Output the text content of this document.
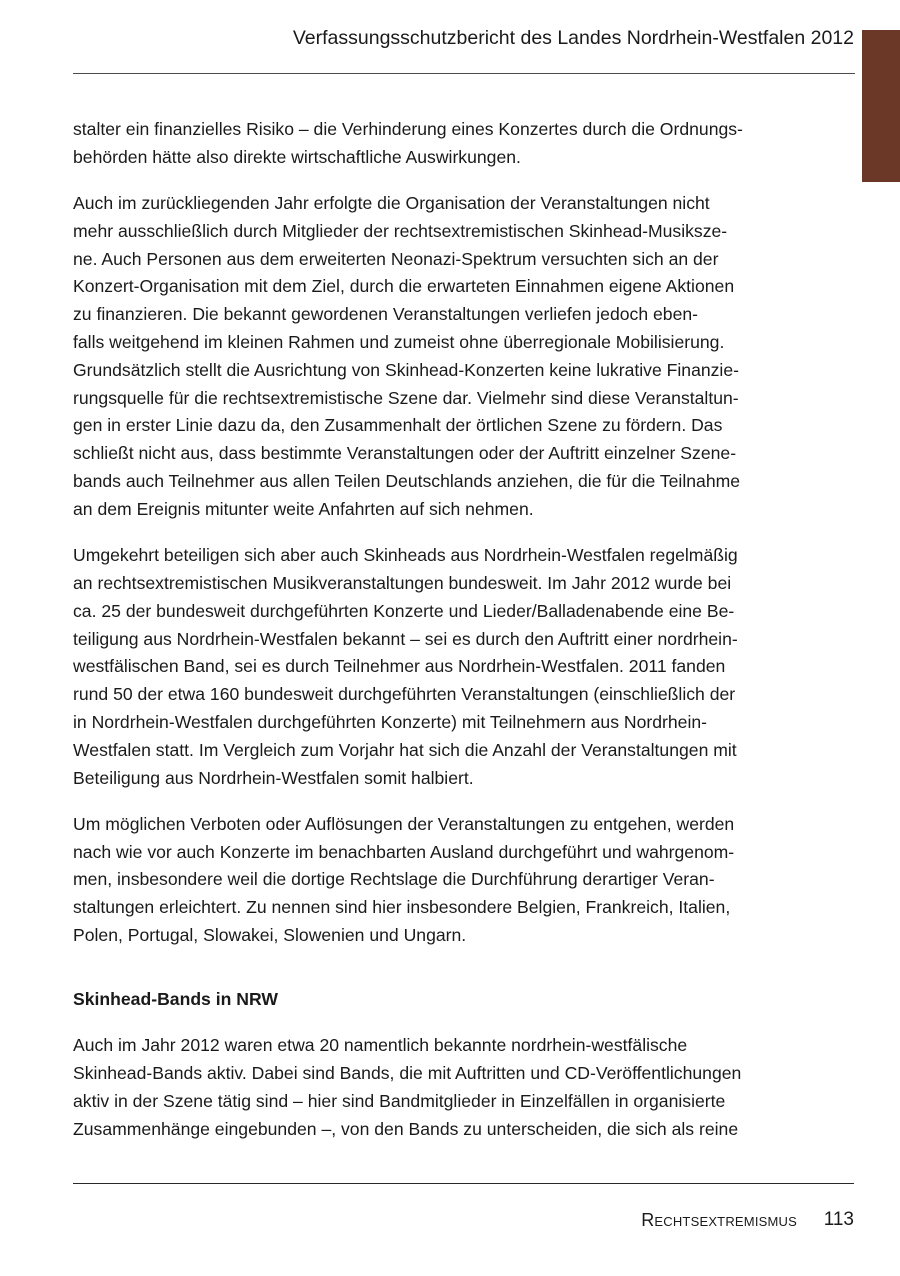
Verfassungsschutzbericht des Landes Nordrhein-Westfalen 2012

stalter ein finanzielles Risiko – die Verhinderung eines Konzertes durch die Ordnungs-
behörden hätte also direkte wirtschaftliche Auswirkungen.

Auch im zurückliegenden Jahr erfolgte die Organisation der Veranstaltungen nicht
mehr ausschließlich durch Mitglieder der rechtsextremistischen Skinhead-Musiksze-
ne. Auch Personen aus dem erweiterten Neonazi-Spektrum versuchten sich an der
Konzert-Organisation mit dem Ziel, durch die erwarteten Einnahmen eigene Aktionen
zu finanzieren. Die bekannt gewordenen Veranstaltungen verliefen jedoch eben-
falls weitgehend im kleinen Rahmen und zumeist ohne überregionale Mobilisierung.
Grundsätzlich stellt die Ausrichtung von Skinhead-Konzerten keine lukrative Finanzie-
rungsquelle für die rechtsextremistische Szene dar. Vielmehr sind diese Veranstaltun-
gen in erster Linie dazu da, den Zusammenhalt der örtlichen Szene zu fördern. Das
schließt nicht aus, dass bestimmte Veranstaltungen oder der Auftritt einzelner Szene-
bands auch Teilnehmer aus allen Teilen Deutschlands anziehen, die für die Teilnahme
an dem Ereignis mitunter weite Anfahrten auf sich nehmen.

Umgekehrt beteiligen sich aber auch Skinheads aus Nordrhein-Westfalen regelmäßig
an rechtsextremistischen Musikveranstaltungen bundesweit. Im Jahr 2012 wurde bei
ca. 25 der bundesweit durchgeführten Konzerte und Lieder/Balladenabende eine Be-
teiligung aus Nordrhein-Westfalen bekannt – sei es durch den Auftritt einer nordrhein-
westfälischen Band, sei es durch Teilnehmer aus Nordrhein-Westfalen. 2011 fanden
rund 50 der etwa 160 bundesweit durchgeführten Veranstaltungen (einschließlich der
in Nordrhein-Westfalen durchgeführten Konzerte) mit Teilnehmern aus Nordrhein-
Westfalen statt. Im Vergleich zum Vorjahr hat sich die Anzahl der Veranstaltungen mit
Beteiligung aus Nordrhein-Westfalen somit halbiert.

Um möglichen Verboten oder Auflösungen der Veranstaltungen zu entgehen, werden
nach wie vor auch Konzerte im benachbarten Ausland durchgeführt und wahrgenom-
men, insbesondere weil die dortige Rechtslage die Durchführung derartiger Veran-
staltungen erleichtert. Zu nennen sind hier insbesondere Belgien, Frankreich, Italien,
Polen, Portugal, Slowakei, Slowenien und Ungarn.

Skinhead-Bands in NRW

Auch im Jahr 2012 waren etwa 20 namentlich bekannte nordrhein-westfälische
Skinhead-Bands aktiv. Dabei sind Bands, die mit Auftritten und CD-Veröffentlichungen
aktiv in der Szene tätig sind – hier sind Bandmitglieder in Einzelfällen in organisierte
Zusammenhänge eingebunden –, von den Bands zu unterscheiden, die sich als reine

Rechtsextremismus 113
